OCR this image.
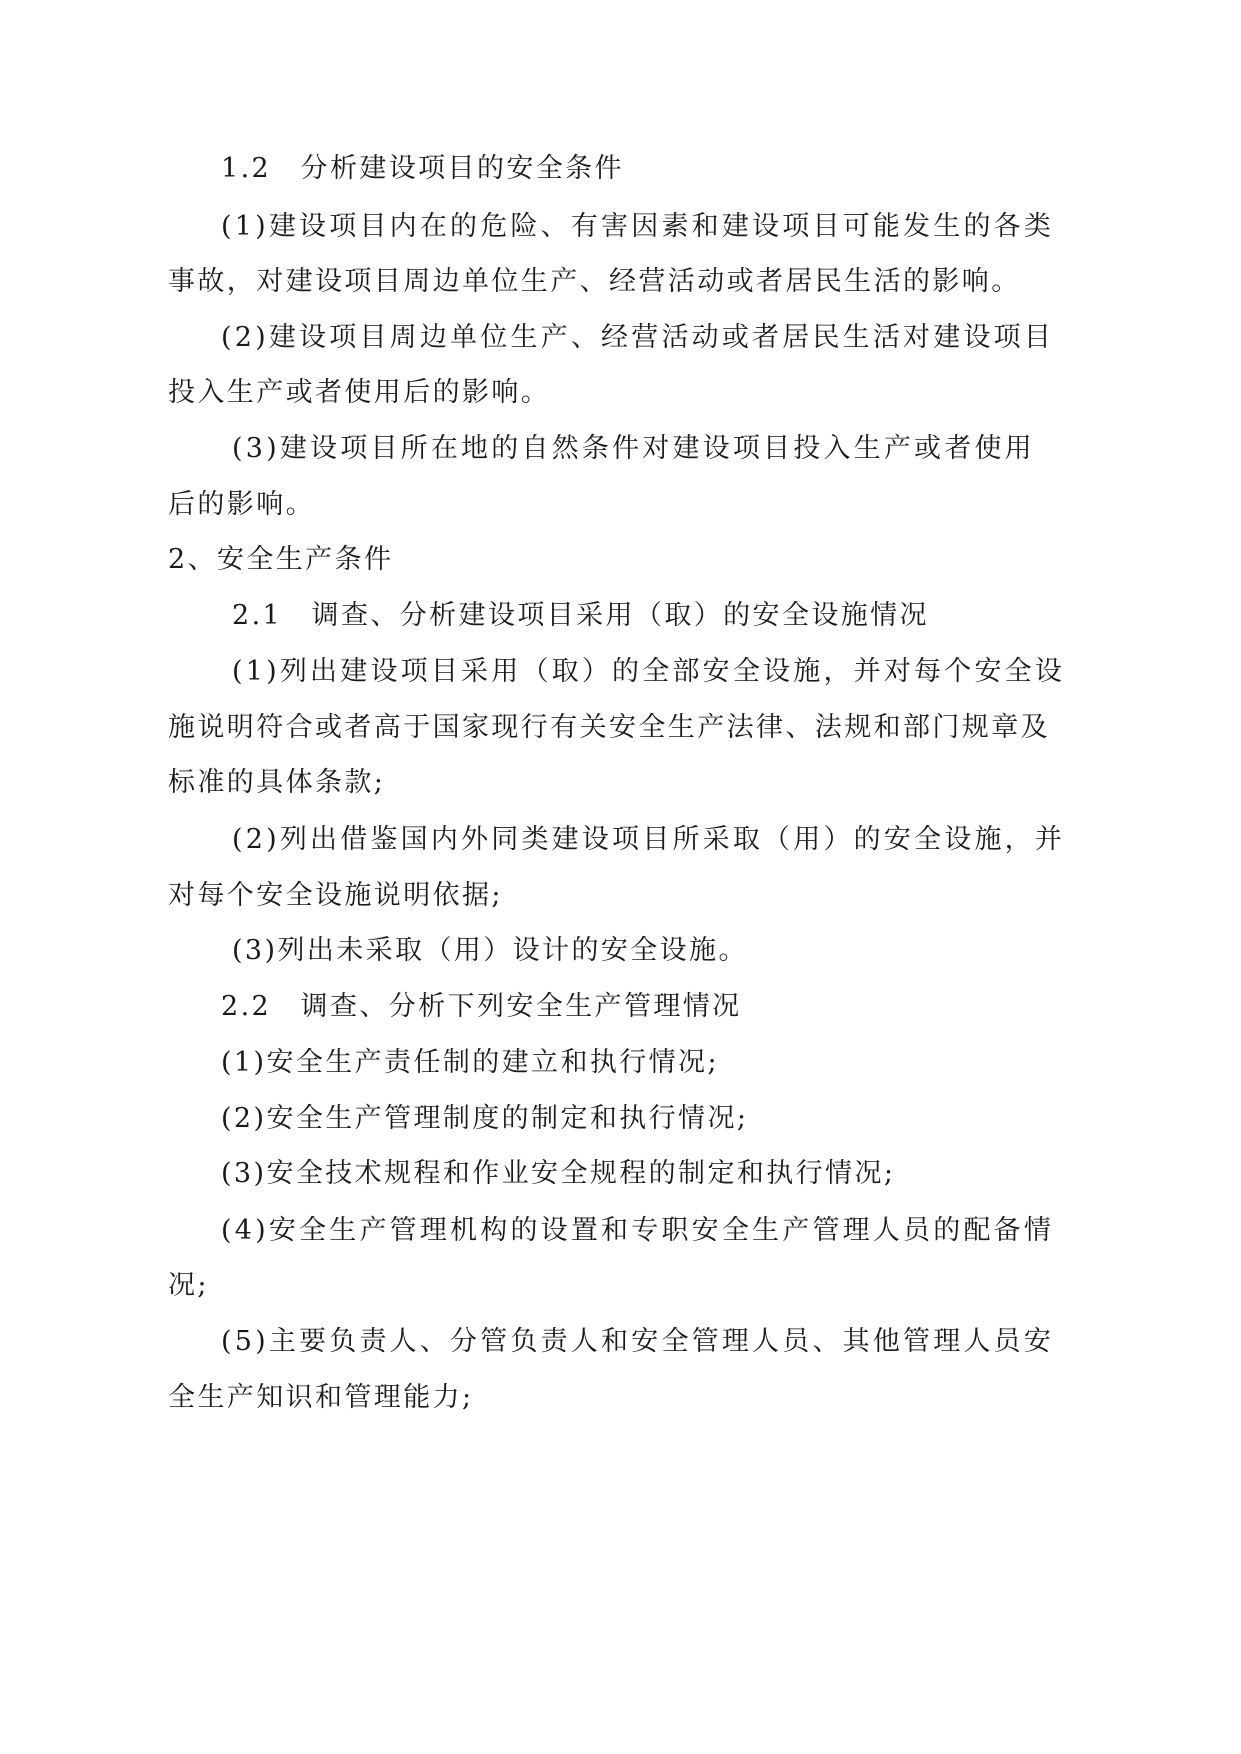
1.2　分析建设项目的安全条件
(1)建设项目内在的危险、有害因素和建设项目可能发生的各类
事故，对建设项目周边单位生产、经营活动或者居民生活的影响。
(2)建设项目周边单位生产、经营活动或者居民生活对建设项目
投入生产或者使用后的影响。
(3)建设项目所在地的自然条件对建设项目投入生产或者使用
后的影响。
2、安全生产条件
2.1　调查、分析建设项目采用（取）的安全设施情况
(1)列出建设项目采用（取）的全部安全设施，并对每个安全设
施说明符合或者高于国家现行有关安全生产法律、法规和部门规章及
标准的具体条款;
(2)列出借鉴国内外同类建设项目所采取（用）的安全设施，并
对每个安全设施说明依据;
(3)列出未采取（用）设计的安全设施。
2.2　调查、分析下列安全生产管理情况
(1)安全生产责任制的建立和执行情况;
(2)安全生产管理制度的制定和执行情况;
(3)安全技术规程和作业安全规程的制定和执行情况;
(4)安全生产管理机构的设置和专职安全生产管理人员的配备情
况;
(5)主要负责人、分管负责人和安全管理人员、其他管理人员安
全生产知识和管理能力;
